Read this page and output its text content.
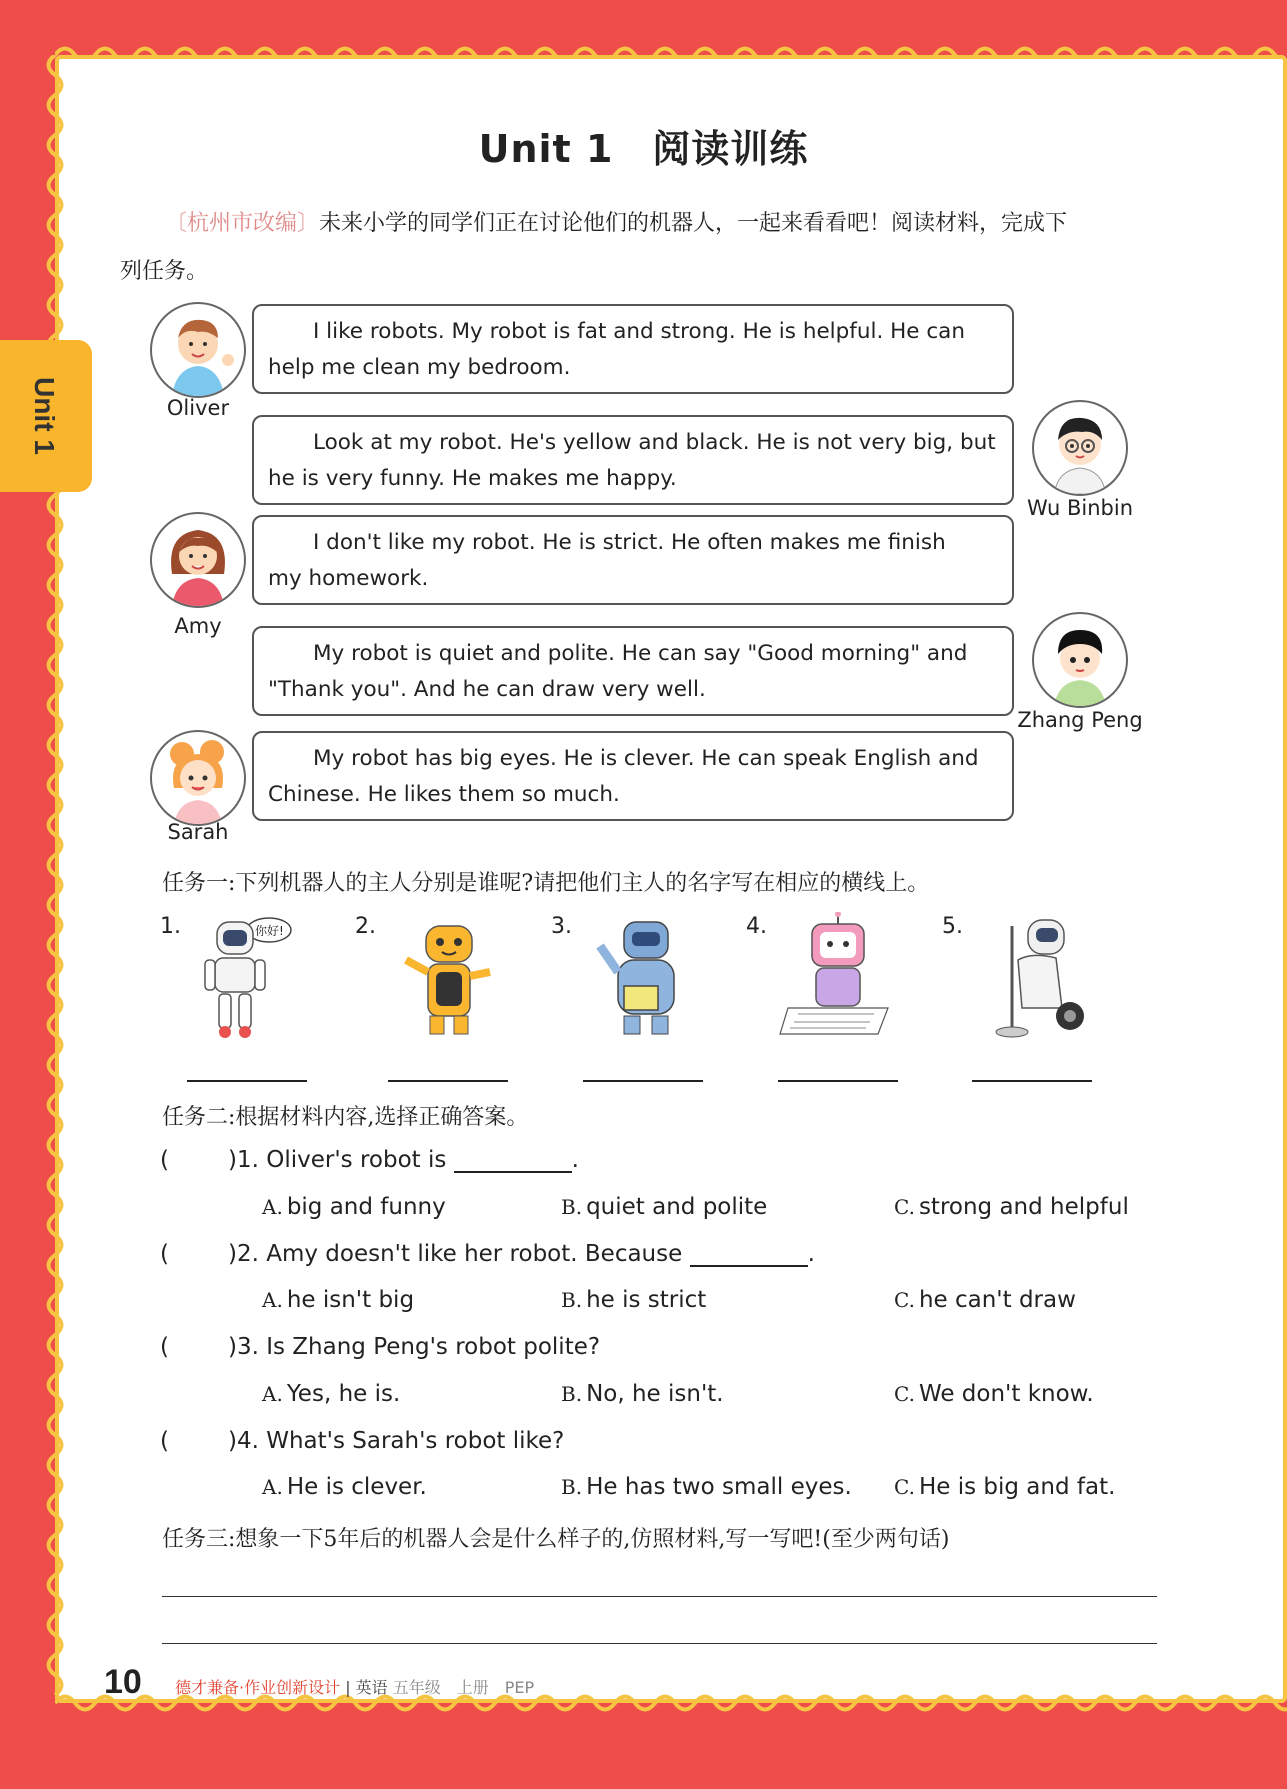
Unit 1
Unit 1　阅读训练
〔杭州市改编〕未来小学的同学们正在讨论他们的机器人，一起来看看吧！阅读材料，完成下
列任务。
Oliver
Wu Binbin
Amy
Zhang Peng
Sarah
I like robots. My robot is fat and strong. He is helpful. He can
help me clean my bedroom.
Look at my robot. He's yellow and black. He is not very big, but
he is very funny. He makes me happy.
I don't like my robot. He is strict. He often makes me finish
my homework.
My robot is quiet and polite. He can say "Good morning" and
"Thank you". And he can draw very well.
My robot has big eyes. He is clever. He can speak English and
Chinese. He likes them so much.
任务一:下列机器人的主人分别是谁呢?请把他们主人的名字写在相应的横线上。
1.	2.	3.	4.	5.
你好!
任务二:根据材料内容,选择正确答案。
(	)1. Oliver's robot is	.
A. big and funny	B. quiet and polite	C. strong and helpful
(	)2. Amy doesn't like her robot. Because	.
A. he isn't big	B. he is strict	C. he can't draw
(	)3. Is Zhang Peng's robot polite?
A. Yes, he is.	B. No, he isn't.	C. We don't know.
(	)4. What's Sarah's robot like?
A. He is clever.	B. He has two small eyes. C. He is big and fat.
任务三:想象一下5年后的机器人会是什么样子的,仿照材料,写一写吧!(至少两句话)
10 德才兼备·作业创新设计 | 英语 五年级　上册　PEP
